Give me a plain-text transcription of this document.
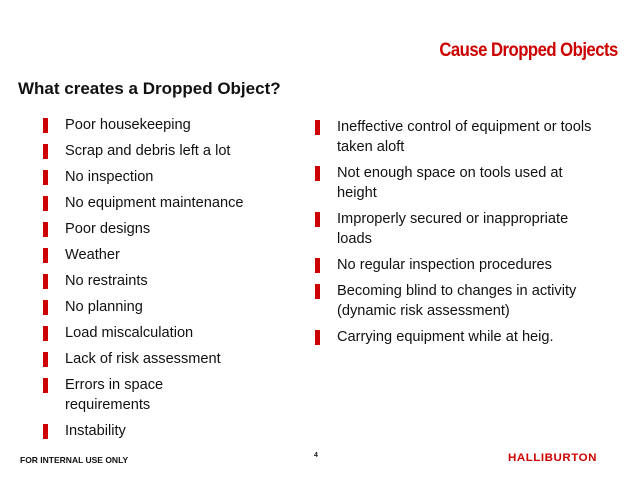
Cause Dropped Objects
What creates a Dropped Object?
Poor housekeeping
Scrap and debris left a lot
No inspection
No equipment maintenance
Poor designs
Weather
No restraints
No planning
Load miscalculation
Lack of risk assessment
Errors in space requirements
Instability
Ineffective control of equipment or tools taken aloft
Not enough space on tools used at height
Improperly secured or inappropriate loads
No regular inspection procedures
Becoming blind to changes in activity (dynamic risk assessment)
Carrying equipment while at heig.
FOR INTERNAL USE ONLY	4	HALLIBURTON
